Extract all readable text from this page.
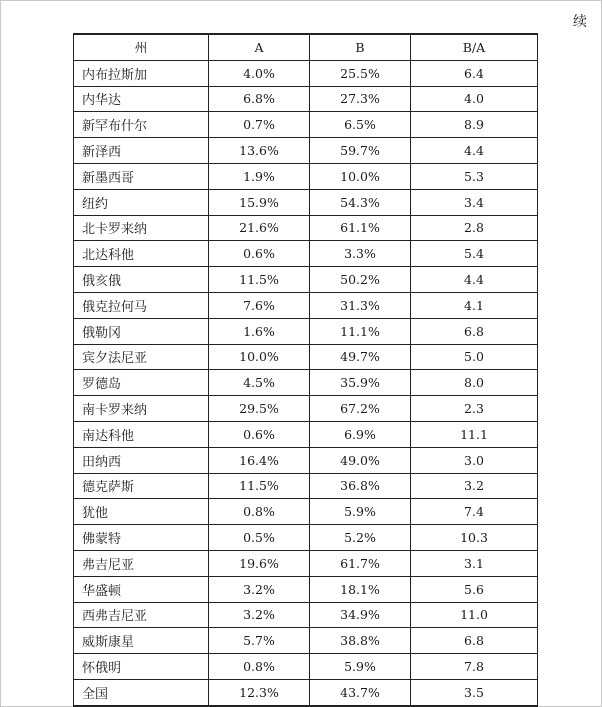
续
州	A	B	B/A
内布拉斯加	4.0%	25.5%	6.4
内华达	6.8%	27.3%	4.0
新罕布什尔	0.7%	6.5%	8.9
新泽西	13.6%	59.7%	4.4
新墨西哥	1.9%	10.0%	5.3
纽约	15.9%	54.3%	3.4
北卡罗来纳	21.6%	61.1%	2.8
北达科他	0.6%	3.3%	5.4
俄亥俄	11.5%	50.2%	4.4
俄克拉何马	7.6%	31.3%	4.1
俄勒冈	1.6%	11.1%	6.8
宾夕法尼亚	10.0%	49.7%	5.0
罗德岛	4.5%	35.9%	8.0
南卡罗来纳	29.5%	67.2%	2.3
南达科他	0.6%	6.9%	11.1
田纳西	16.4%	49.0%	3.0
德克萨斯	11.5%	36.8%	3.2
犹他	0.8%	5.9%	7.4
佛蒙特	0.5%	5.2%	10.3
弗吉尼亚	19.6%	61.7%	3.1
华盛顿	3.2%	18.1%	5.6
西弗吉尼亚	3.2%	34.9%	11.0
威斯康星	5.7%	38.8%	6.8
怀俄明	0.8%	5.9%	7.8
全国	12.3%	43.7%	3.5
